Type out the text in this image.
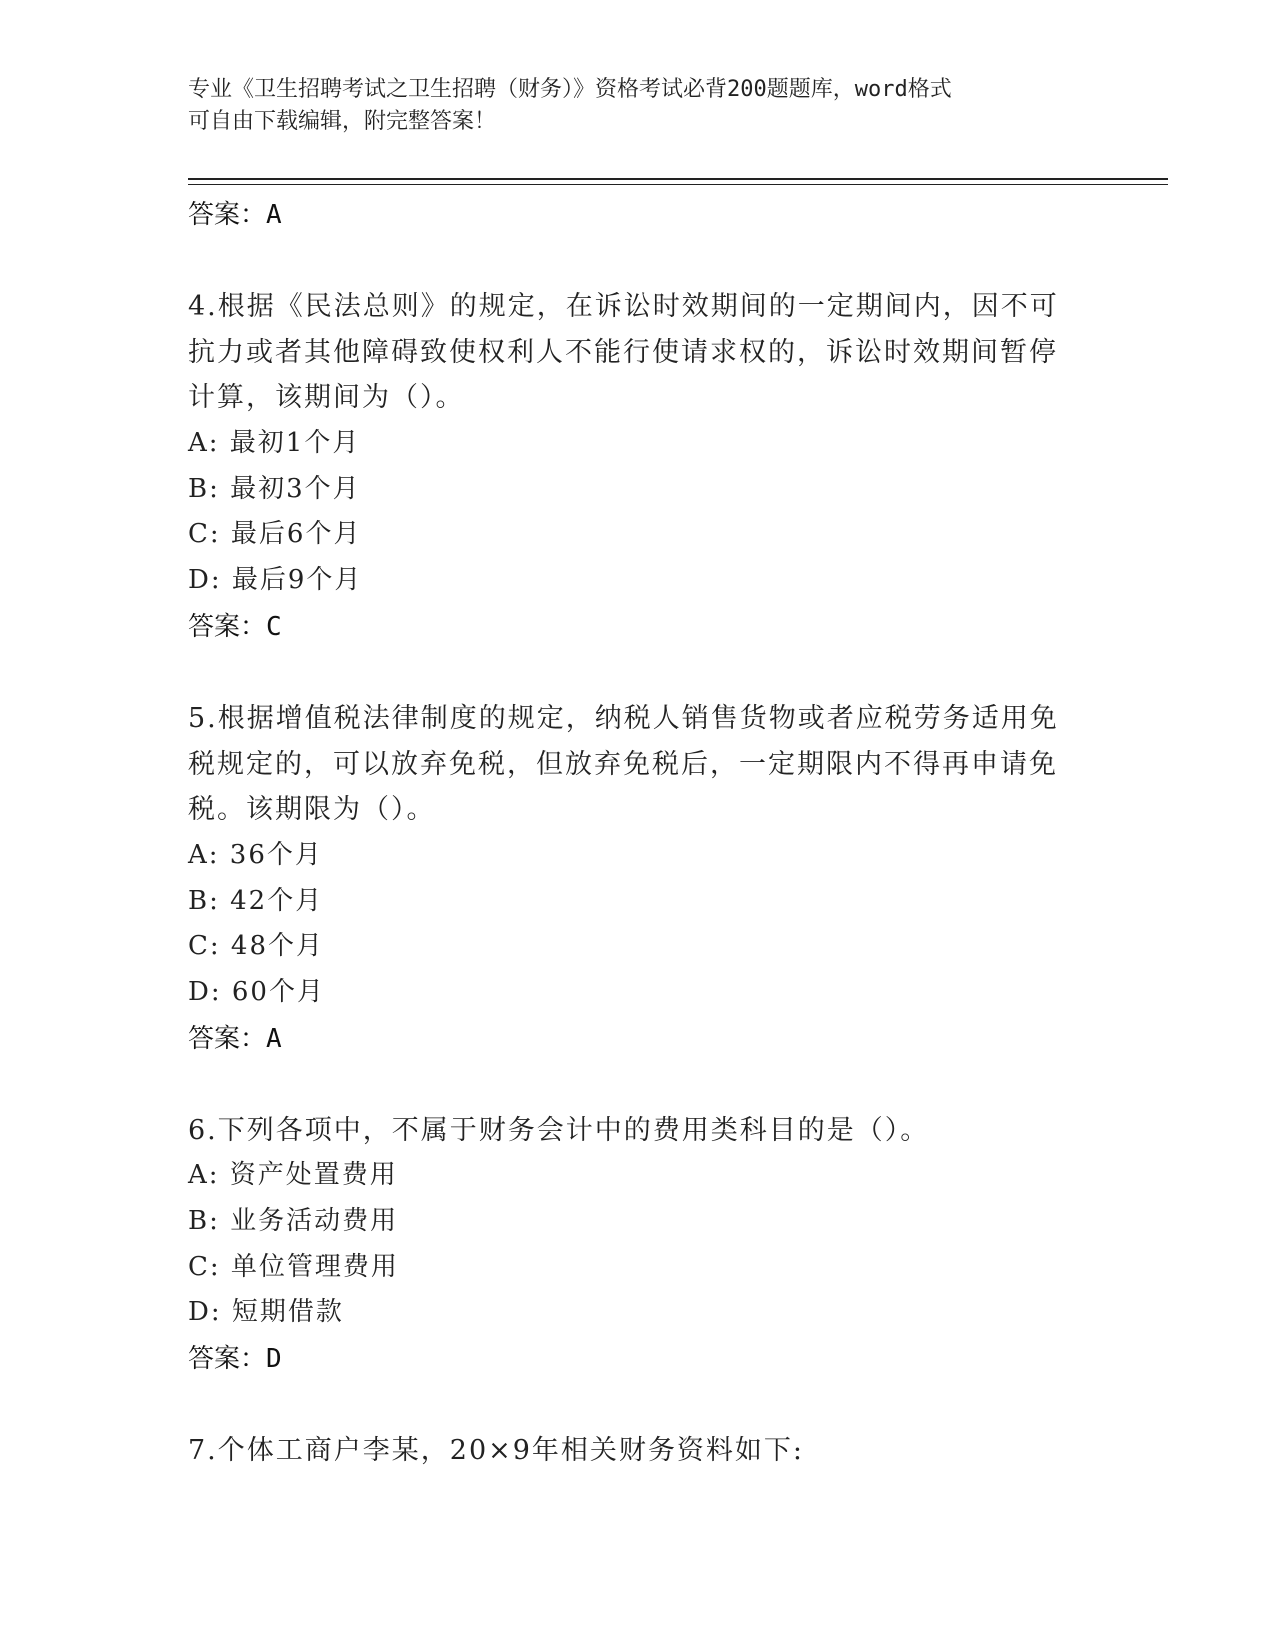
专业《卫生招聘考试之卫生招聘（财务）》资格考试必背200题题库，word格式
可自由下载编辑，附完整答案！

答案：A

4.根据《民法总则》的规定，在诉讼时效期间的一定期间内，因不可抗力或者其他障碍致使权利人不能行使请求权的，诉讼时效期间暂停计算，该期间为（）。

A: 最初1个月

B: 最初3个月

C: 最后6个月

D: 最后9个月

答案：C

5.根据增值税法律制度的规定，纳税人销售货物或者应税劳务适用免税规定的，可以放弃免税，但放弃免税后，一定期限内不得再申请免税。该期限为（）。

A: 36个月

B: 42个月

C: 48个月

D: 60个月

答案：A

6.下列各项中，不属于财务会计中的费用类科目的是（）。

A: 资产处置费用

B: 业务活动费用

C: 单位管理费用

D: 短期借款

答案：D

7.个体工商户李某，20×9年相关财务资料如下:
